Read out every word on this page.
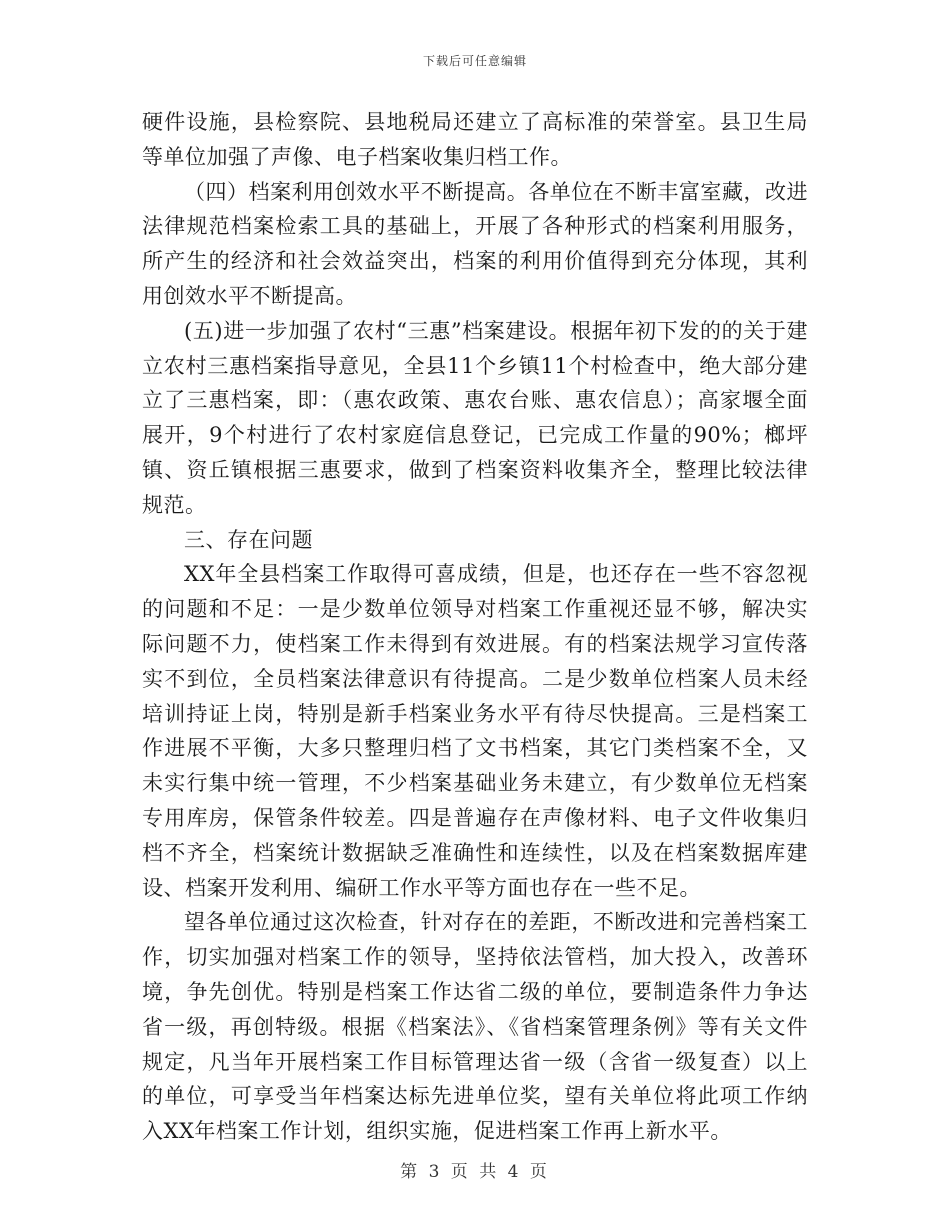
下载后可任意编辑

硬件设施，县检察院、县地税局还建立了高标准的荣誉室。县卫生局等单位加强了声像、电子档案收集归档工作。

（四）档案利用创效水平不断提高。各单位在不断丰富室藏，改进法律规范档案检索工具的基础上，开展了各种形式的档案利用服务，所产生的经济和社会效益突出，档案的利用价值得到充分体现，其利用创效水平不断提高。

(五)进一步加强了农村“三惠”档案建设。根据年初下发的的关于建立农村三惠档案指导意见，全县11个乡镇11个村检查中，绝大部分建立了三惠档案，即：（惠农政策、惠农台账、惠农信息）；高家堰全面展开，9个村进行了农村家庭信息登记，已完成工作量的90%；榔坪镇、资丘镇根据三惠要求，做到了档案资料收集齐全，整理比较法律规范。

三、存在问题

XX年全县档案工作取得可喜成绩，但是，也还存在一些不容忽视的问题和不足：一是少数单位领导对档案工作重视还显不够，解决实际问题不力，使档案工作未得到有效进展。有的档案法规学习宣传落实不到位，全员档案法律意识有待提高。二是少数单位档案人员未经培训持证上岗，特别是新手档案业务水平有待尽快提高。三是档案工作进展不平衡，大多只整理归档了文书档案，其它门类档案不全，又未实行集中统一管理，不少档案基础业务未建立，有少数单位无档案专用库房，保管条件较差。四是普遍存在声像材料、电子文件收集归档不齐全，档案统计数据缺乏准确性和连续性，以及在档案数据库建设、档案开发利用、编研工作水平等方面也存在一些不足。

望各单位通过这次检查，针对存在的差距，不断改进和完善档案工作，切实加强对档案工作的领导，坚持依法管档，加大投入，改善环境，争先创优。特别是档案工作达省二级的单位，要制造条件力争达省一级，再创特级。根据《档案法》、《省档案管理条例》等有关文件规定，凡当年开展档案工作目标管理达省一级（含省一级复查）以上的单位，可享受当年档案达标先进单位奖，望有关单位将此项工作纳入XX年档案工作计划，组织实施，促进档案工作再上新水平。

第 3 页 共 4 页
